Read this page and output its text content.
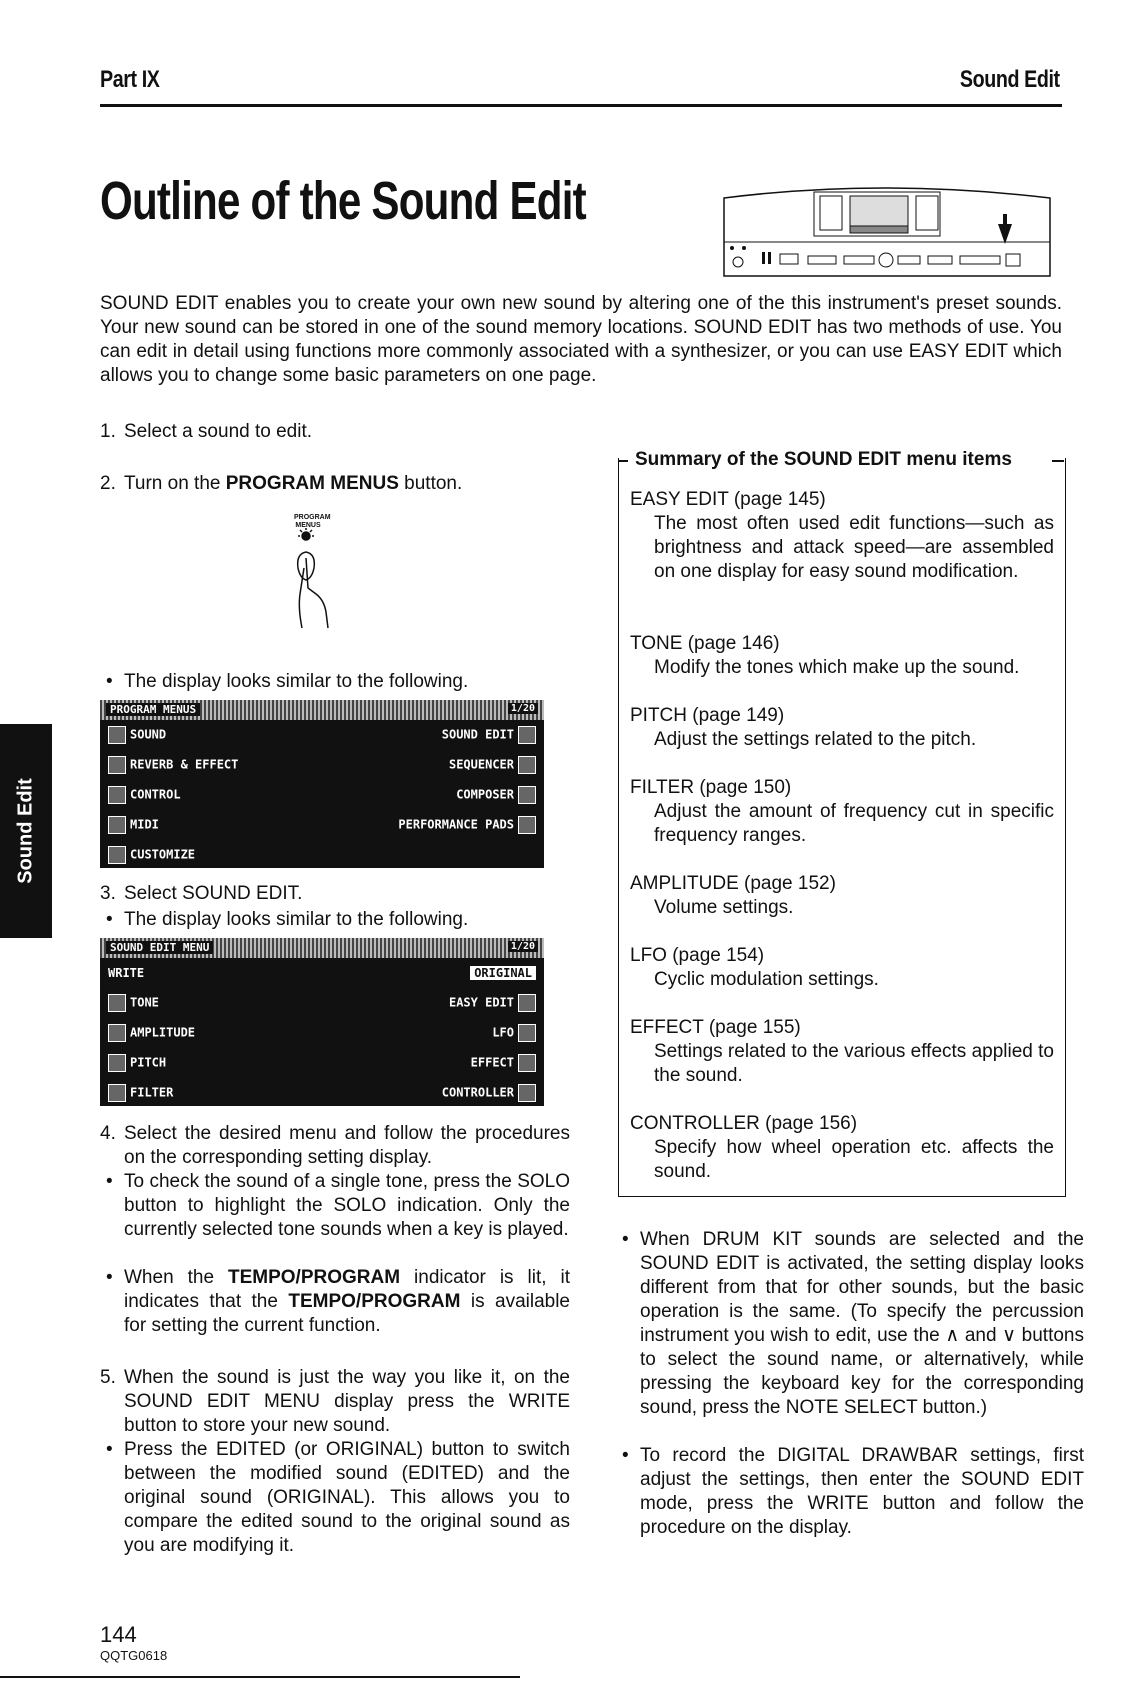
Part IX	Sound Edit
Outline of the Sound Edit
SOUND EDIT enables you to create your own new sound by altering one of the this instrument's preset sounds. Your new sound can be stored in one of the sound memory locations. SOUND EDIT has two methods of use. You can edit in detail using functions more commonly associated with a synthesizer, or you can use EASY EDIT which allows you to change some basic parameters on one page.
1. Select a sound to edit.
2. Turn on the PROGRAM MENUS button.
PROGRAM MENUS
• The display looks similar to the following.
PROGRAM MENUS	1/20
SOUND	SOUND EDIT
REVERB & EFFECT	SEQUENCER
CONTROL	COMPOSER
MIDI	PERFORMANCE PADS
CUSTOMIZE
3. Select SOUND EDIT.
• The display looks similar to the following.
SOUND EDIT MENU	1/20
WRITE	ORIGINAL
TONE	EASY EDIT
AMPLITUDE	LFO
PITCH	EFFECT
FILTER	CONTROLLER
4. Select the desired menu and follow the procedures on the corresponding setting display.
• To check the sound of a single tone, press the SOLO button to highlight the SOLO indication. Only the currently selected tone sounds when a key is played.
• When the TEMPO/PROGRAM indicator is lit, it indicates that the TEMPO/PROGRAM is available for setting the current function.
5. When the sound is just the way you like it, on the SOUND EDIT MENU display press the WRITE button to store your new sound.
• Press the EDITED (or ORIGINAL) button to switch between the modified sound (EDITED) and the original sound (ORIGINAL). This allows you to compare the edited sound to the original sound as you are modifying it.
Summary of the SOUND EDIT menu items
EASY EDIT (page 145)
The most often used edit functions—such as brightness and attack speed—are assembled on one display for easy sound modification.
TONE (page 146)
Modify the tones which make up the sound.
PITCH (page 149)
Adjust the settings related to the pitch.
FILTER (page 150)
Adjust the amount of frequency cut in specific frequency ranges.
AMPLITUDE (page 152)
Volume settings.
LFO (page 154)
Cyclic modulation settings.
EFFECT (page 155)
Settings related to the various effects applied to the sound.
CONTROLLER (page 156)
Specify how wheel operation etc. affects the sound.
• When DRUM KIT sounds are selected and the SOUND EDIT is activated, the setting display looks different from that for other sounds, but the basic operation is the same. (To specify the percussion instrument you wish to edit, use the ∧ and ∨ buttons to select the sound name, or alternatively, while pressing the keyboard key for the corresponding sound, press the NOTE SELECT button.)
• To record the DIGITAL DRAWBAR settings, first adjust the settings, then enter the SOUND EDIT mode, press the WRITE button and follow the procedure on the display.
Sound Edit
144
QQTG0618
